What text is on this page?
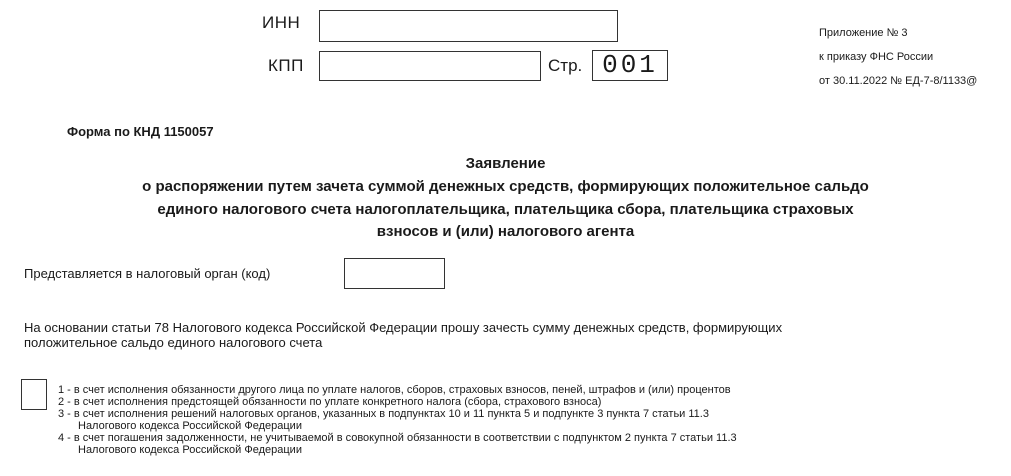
ИНН
КПП	Стр. 001

Приложение № 3

к приказу ФНС России

от 30.11.2022 № ЕД-7-8/1133@

Форма по КНД 1150057
Заявление
о распоряжении путем зачета суммой денежных средств, формирующих положительное сальдо
единого налогового счета налогоплательщика, плательщика сбора, плательщика страховых
взносов и (или) налогового агента
Представляется в налоговый орган (код)
На основании статьи 78 Налогового кодекса Российской Федерации прошу зачесть сумму денежных средств, формирующих
положительное сальдо единого налогового счета
1 - в счет исполнения обязанности другого лица по уплате налогов, сборов, страховых взносов, пеней, штрафов и (или) процентов
2 - в счет исполнения предстоящей обязанности по уплате конкретного налога (сбора, страхового взноса)
3 - в счет исполнения решений налоговых органов, указанных в подпунктах 10 и 11 пункта 5 и подпункте 3 пункта 7 статьи 11.3
Налогового кодекса Российской Федерации
4 - в счет погашения задолженности, не учитываемой в совокупной обязанности в соответствии с подпунктом 2 пункта 7 статьи 11.3
Налогового кодекса Российской Федерации
